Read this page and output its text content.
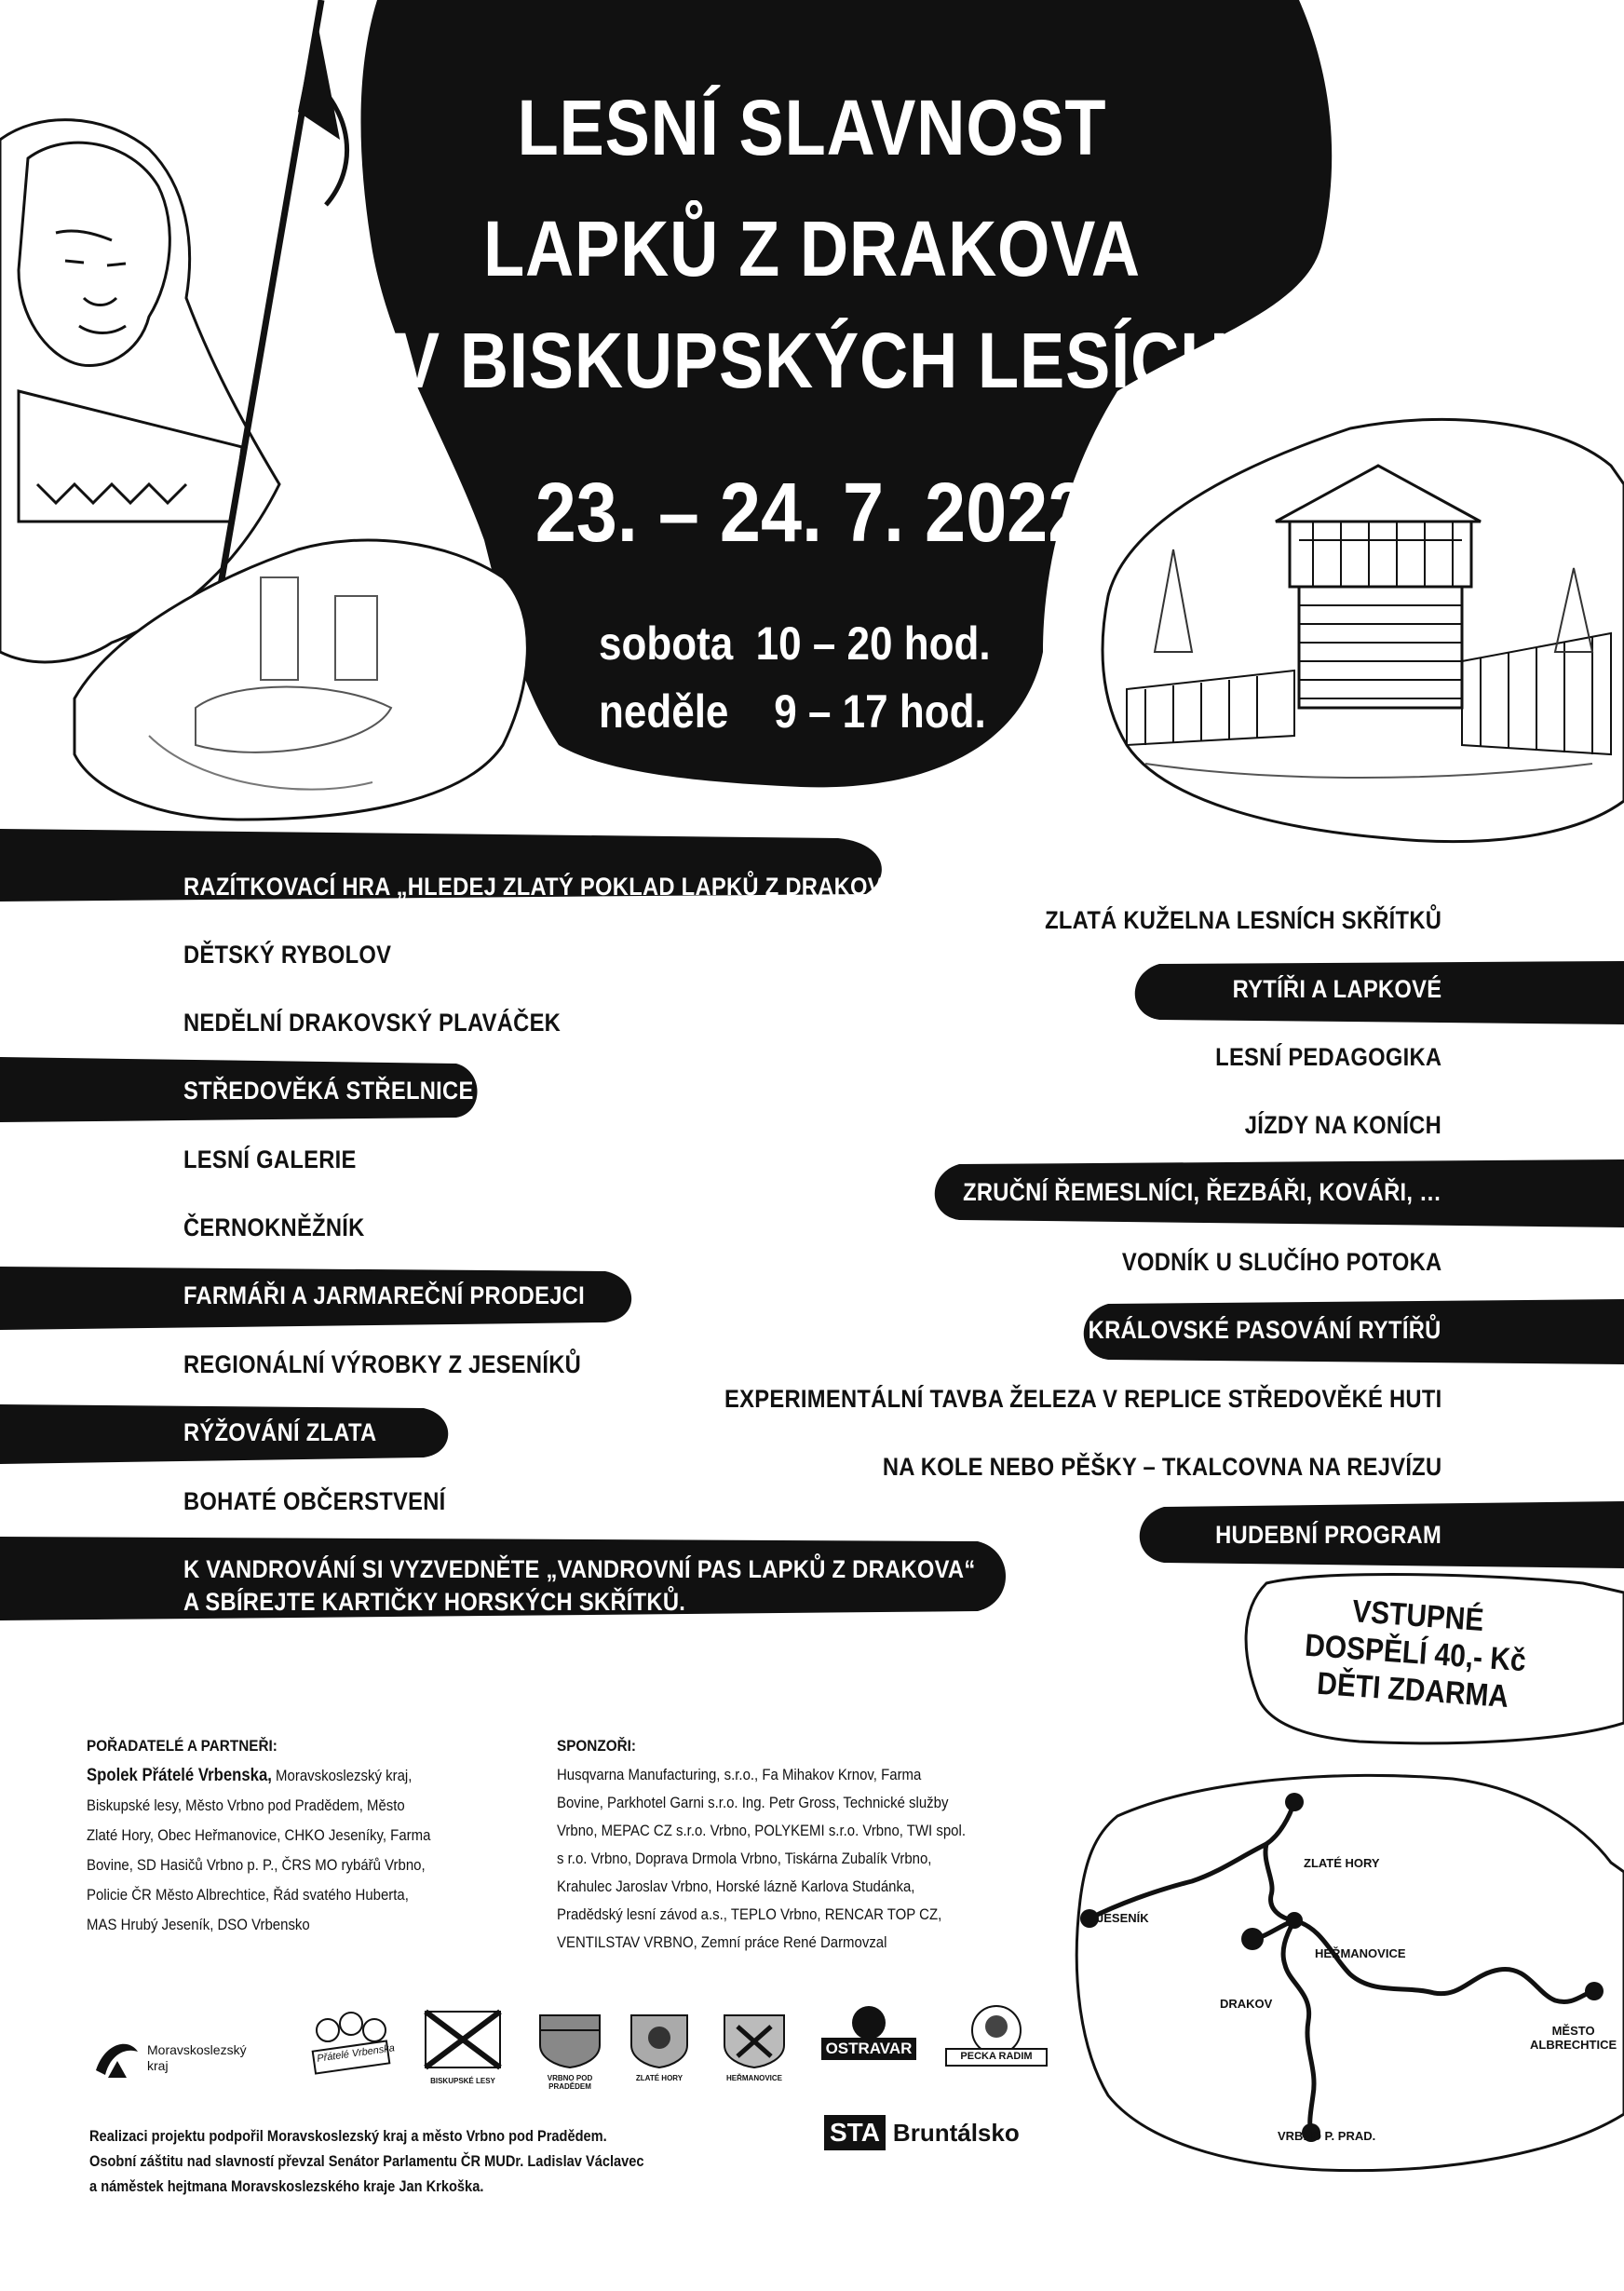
LESNÍ SLAVNOST
LAPKŮ Z DRAKOVA
V BISKUPSKÝCH LESÍCH
23. – 24. 7. 2022
sobota  10 – 20 hod.
neděle    9 – 17 hod.
RAZÍTKOVACÍ HRA „HLEDEJ ZLATÝ POKLAD LAPKŮ Z DRAKOVA“
DĚTSKÝ RYBOLOV
NEDĚLNÍ DRAKOVSKÝ PLAVÁČEK
STŘEDOVĚKÁ STŘELNICE
LESNÍ GALERIE
ČERNOKNĚŽNÍK
FARMÁŘI A JARMAREČNÍ PRODEJCI
REGIONÁLNÍ VÝROBKY Z JESENÍKŮ
RÝŽOVÁNÍ ZLATA
BOHATÉ OBČERSTVENÍ
ZLATÁ KUŽELNA LESNÍCH SKŘÍTKŮ
RYTÍŘI A LAPKOVÉ
LESNÍ PEDAGOGIKA
JÍZDY NA KONÍCH
ZRUČNÍ ŘEMESLNÍCI, ŘEZBÁŘI, KOVÁŘI, …
VODNÍK U SLUČÍHO POTOKA
KRÁLOVSKÉ PASOVÁNÍ RYTÍŘŮ
EXPERIMENTÁLNÍ TAVBA ŽELEZA V REPLICE STŘEDOVĚKÉ HUTI
NA KOLE NEBO PĚŠKY – TKALCOVNA NA REJVÍZU
HUDEBNÍ PROGRAM
K VANDROVÁNÍ SI VYZVEDNĚTE „VANDROVNÍ PAS LAPKŮ Z DRAKOVA“
A SBÍREJTE KARTIČKY HORSKÝCH SKŘÍTKŮ.	VSTUPNÉ
DOSPĚLÍ 40,- Kč
DĚTI ZDARMA
POŘADATELÉ A PARTNEŘI:
Spolek Přátelé Vrbenska, Moravskoslezský kraj,
Biskupské lesy, Město Vrbno pod Pradědem, Město
Zlaté Hory, Obec Heřmanovice, CHKO Jeseníky, Farma
Bovine, SD Hasičů Vrbno p. P., ČRS MO rybářů Vrbno,
Policie ČR Město Albrechtice, Řád svatého Huberta,
MAS Hrubý Jeseník, DSO Vrbensko
SPONZOŘI:
Husqvarna Manufacturing, s.r.o., Fa Mihakov Krnov, Farma
Bovine, Parkhotel Garni s.r.o. Ing. Petr Gross, Technické služby
Vrbno, MEPAC CZ s.r.o. Vrbno, POLYKEMI s.r.o. Vrbno, TWI spol.
s r.o. Vrbno, Doprava Drmola Vrbno, Tiskárna Zubalík Vrbno,
Krahulec Jaroslav Vrbno, Horské lázně Karlova Studánka,
Pradědský lesní závod a.s., TEPLO Vrbno, RENCAR TOP CZ,
VENTILSTAV VRBNO, Zemní práce René Darmovzal
JESENÍK
ZLATÉ HORY
HEŘMANOVICE
DRAKOV
MĚSTO
ALBRECHTICE
VRBNO P. PRAD.
Moravskoslezský
kraj
Přátelé Vrbenska
BISKUPSKÉ LESY	VRBNO POD PRADĚDEM
ZLATÉ HORY	HEŘMANOVICE
OSTRAVAR	PECKA RADIM
STA Bruntálsko
Realizaci projektu podpořil Moravskoslezský kraj a město Vrbno pod Pradědem.
Osobní záštitu nad slavností převzal Senátor Parlamentu ČR MUDr. Ladislav Václavec
a náměstek hejtmana Moravskoslezského kraje Jan Krkoška.
